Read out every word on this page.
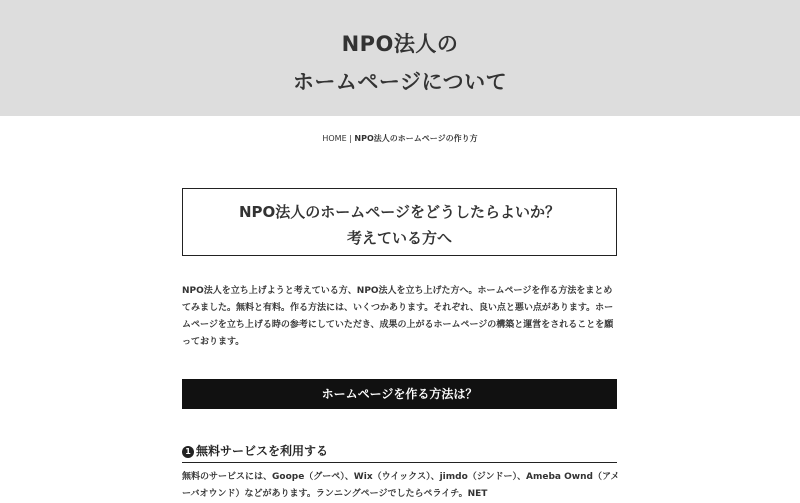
NPO法人の
ホームページについて
HOME | NPO法人のホームページの作り方
NPO法人のホームページをどうしたらよいか？
考えている方へ

NPO法人を立ち上げようと考えている方、NPO法人を立ち上げた方へ。ホームページを作る方法をまとめてみました。無料と有料。作る方法には、いくつかあります。それぞれ、良い点と悪い点があります。ホームページを立ち上げる時の参考にしていただき、成果の上がるホームページの構築と運営をされることを願っております。

ホームページを作る方法は？
1 無料サービスを利用する

無料のサービスには、Goope（グーペ）、Wix（ウイックス）、jimdo（ジンドー）、Ameba Ownd（アメーバオウンド）などがあります。ランニングページでしたらペライチ。NET
